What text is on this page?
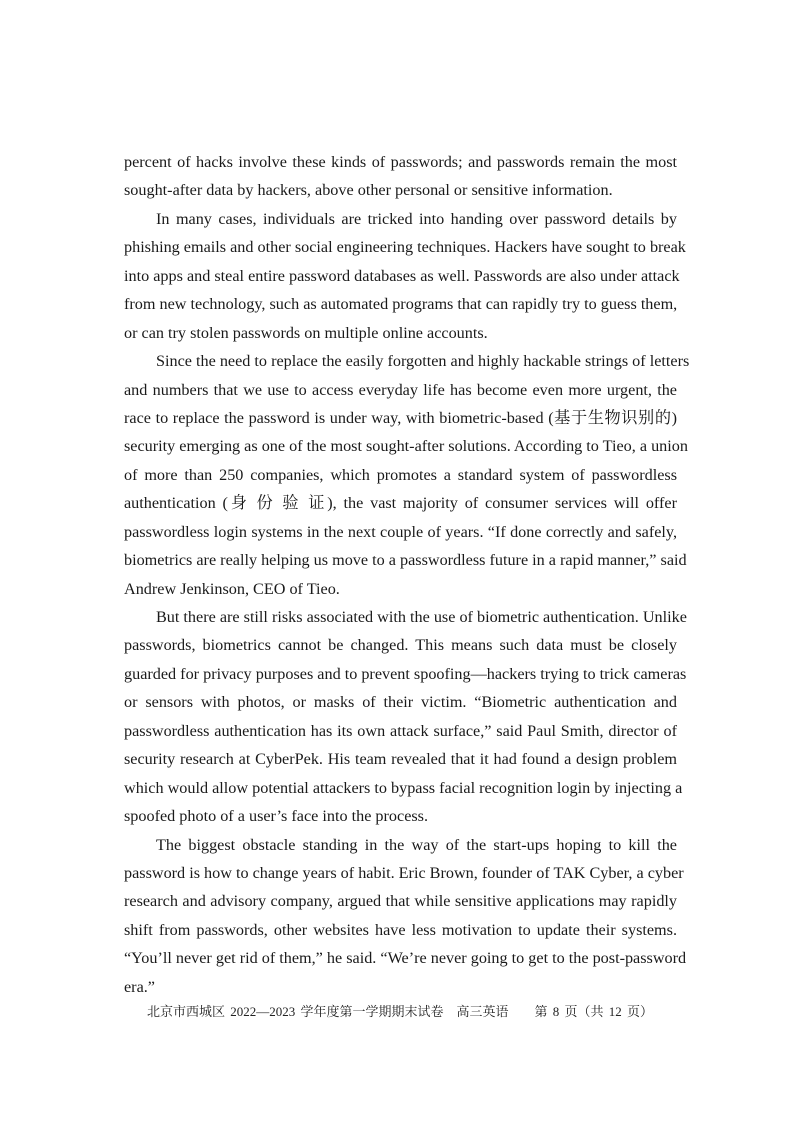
percent of hacks involve these kinds of passwords; and passwords remain the most
sought-after data by hackers, above other personal or sensitive information.
In many cases, individuals are tricked into handing over password details by
phishing emails and other social engineering techniques. Hackers have sought to break
into apps and steal entire password databases as well. Passwords are also under attack
from new technology, such as automated programs that can rapidly try to guess them,
or can try stolen passwords on multiple online accounts.
Since the need to replace the easily forgotten and highly hackable strings of letters
and numbers that we use to access everyday life has become even more urgent, the
race to replace the password is under way, with biometric-based (基于生物识别的)
security emerging as one of the most sought-after solutions. According to Tieo, a union
of more than 250 companies, which promotes a standard system of passwordless
authentication (身 份 验 证), the vast majority of consumer services will offer
passwordless login systems in the next couple of years. “If done correctly and safely,
biometrics are really helping us move to a passwordless future in a rapid manner,” said
Andrew Jenkinson, CEO of Tieo.
But there are still risks associated with the use of biometric authentication. Unlike
passwords, biometrics cannot be changed. This means such data must be closely
guarded for privacy purposes and to prevent spoofing—hackers trying to trick cameras
or sensors with photos, or masks of their victim. “Biometric authentication and
passwordless authentication has its own attack surface,” said Paul Smith, director of
security research at CyberPek. His team revealed that it had found a design problem
which would allow potential attackers to bypass facial recognition login by injecting a
spoofed photo of a user’s face into the process.
The biggest obstacle standing in the way of the start-ups hoping to kill the
password is how to change years of habit. Eric Brown, founder of TAK Cyber, a cyber
research and advisory company, argued that while sensitive applications may rapidly
shift from passwords, other websites have less motivation to update their systems.
“You’ll never get rid of them,” he said. “We’re never going to get to the post-password
era.”
北京市西城区 2022—2023 学年度第一学期期末试卷　高三英语　　第 8 页（共 12 页）
